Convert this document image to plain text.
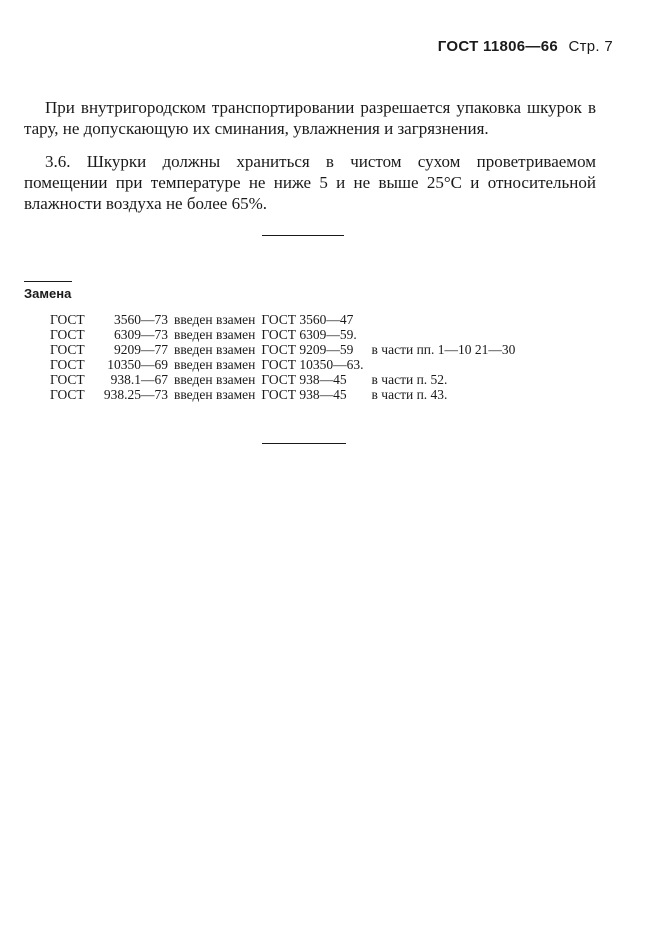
ГОСТ 11806—66 Стр. 7

При внутригородском транспортировании разрешается упаковка шкурок в тару, не допускающую их сминания, увлажнения и загрязнения.

3.6. Шкурки должны храниться в чистом сухом проветриваемом помещении при температуре не ниже 5 и не выше 25°С и относительной влажности воздуха не более 65%.

Замена
ГОСТ	3560—73	введен взамен	ГОСТ 3560—47	
ГОСТ	6309—73	введен взамен	ГОСТ 6309—59.	
ГОСТ	9209—77	введен взамен	ГОСТ 9209—59	в части пп. 1—10 21—30
ГОСТ	10350—69	введен взамен	ГОСТ 10350—63.	
ГОСТ	938.1—67	введен взамен	ГОСТ 938—45	в части п. 52.
ГОСТ	938.25—73	введен взамен	ГОСТ 938—45	в части п. 43.
